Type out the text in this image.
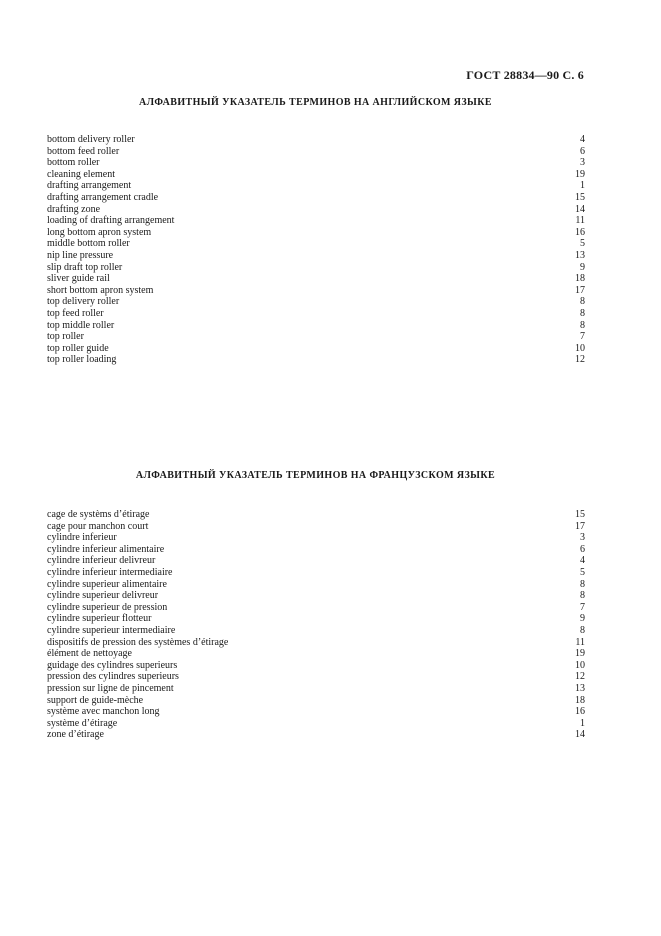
ГОСТ 28834—90 С. 6
АЛФАВИТНЫЙ УКАЗАТЕЛЬ ТЕРМИНОВ НА АНГЛИЙСКОМ ЯЗЫКЕ
bottom delivery roller	4
bottom feed roller	6
bottom roller	3
cleaning element	19
drafting arrangement	1
drafting arrangement cradle	15
drafting zone	14
loading of drafting arrangement	11
long bottom apron system	16
middle bottom roller	5
nip line pressure	13
slip draft top roller	9
sliver guide rail	18
short bottom apron system	17
top delivery roller	8
top feed roller	8
top middle roller	8
top roller	7
top roller guide	10
top roller loading	12
АЛФАВИТНЫЙ УКАЗАТЕЛЬ ТЕРМИНОВ НА ФРАНЦУЗСКОМ ЯЗЫКЕ
cage de systèms d’étirage	15
cage pour manchon court	17
cylindre inferieur	3
cylindre inferieur alimentaire	6
cylindre inferieur delivreur	4
cylindre inferieur intermediaire	5
cylindre superieur alimentaire	8
cylindre superieur delivreur	8
cylindre superieur de pression	7
cylindre superieur flotteur	9
cylindre superieur intermediaire	8
dispositifs de pression des systèmes d’étirage	11
élément de nettoyage	19
guidage des cylindres superieurs	10
pression des cylindres superieurs	12
pression sur ligne de pincement	13
support de guide-mèche	18
système avec manchon long	16
système d’étirage	1
zone d’étirage	14
